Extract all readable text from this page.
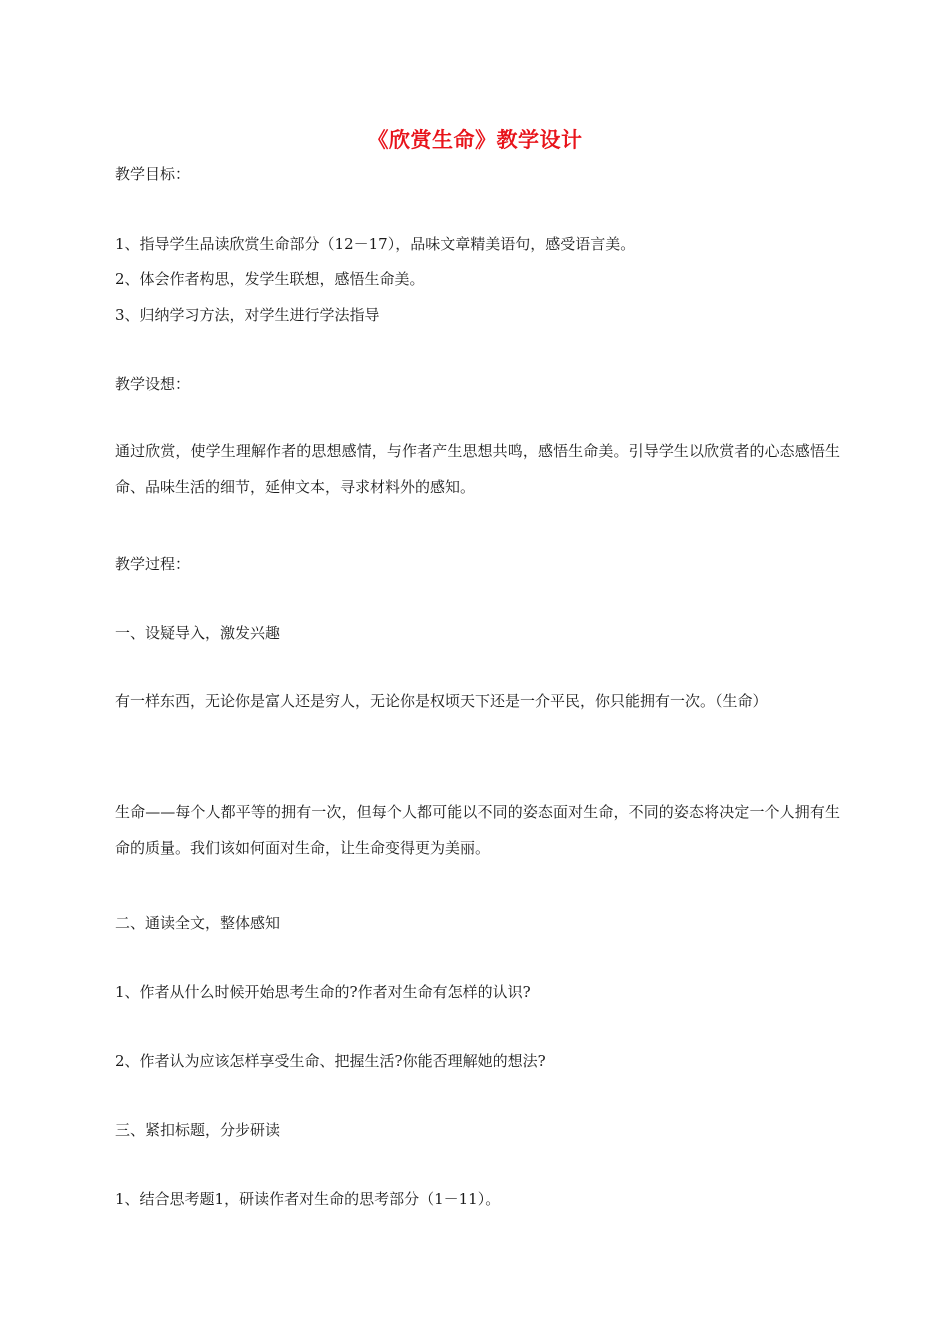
《欣赏生命》教学设计
教学目标：
1、指导学生品读欣赏生命部分（12－17），品味文章精美语句，感受语言美。
2、体会作者构思，发学生联想，感悟生命美。
3、归纳学习方法，对学生进行学法指导
教学设想：
通过欣赏，使学生理解作者的思想感情，与作者产生思想共鸣，感悟生命美。引导学生以欣赏者的心态感悟生命、品味生活的细节，延伸文本，寻求材料外的感知。
教学过程：
一、设疑导入，激发兴趣
有一样东西，无论你是富人还是穷人，无论你是权顷天下还是一介平民，你只能拥有一次。（生命）
生命——每个人都平等的拥有一次，但每个人都可能以不同的姿态面对生命，不同的姿态将决定一个人拥有生命的质量。我们该如何面对生命，让生命变得更为美丽。
二、通读全文，整体感知
1、作者从什么时候开始思考生命的?作者对生命有怎样的认识?
2、作者认为应该怎样享受生命、把握生活?你能否理解她的想法?
三、紧扣标题，分步研读
1、结合思考题1，研读作者对生命的思考部分（1－11）。
